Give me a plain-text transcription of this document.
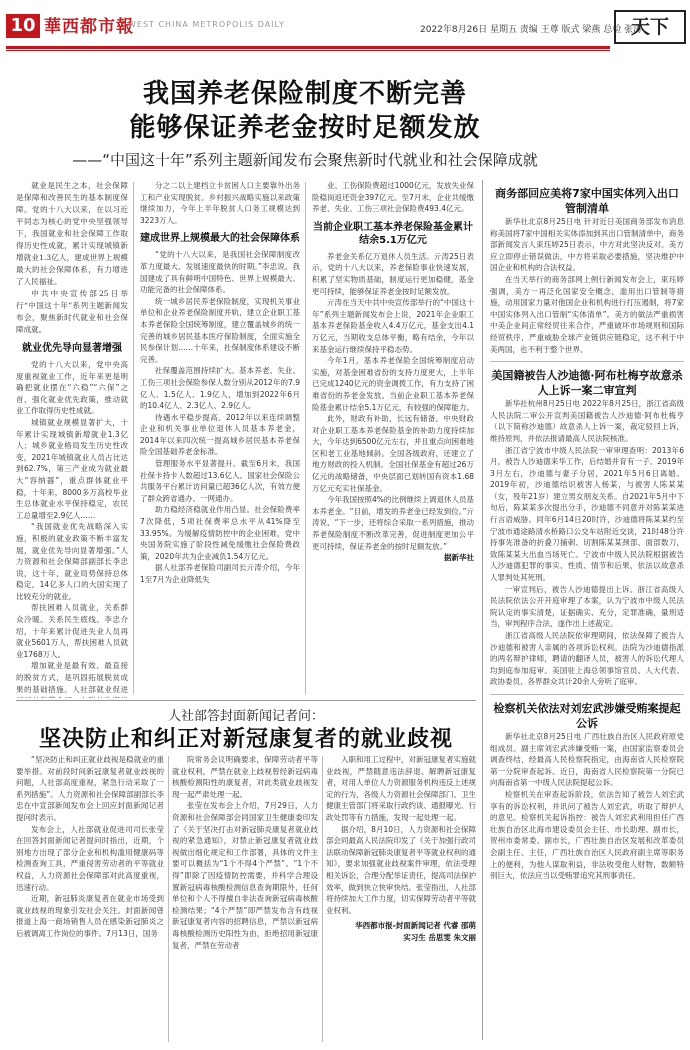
10 華西都市報
WEST CHINA METROPOLIS DAILY
2022年8月26日 星期五 责编 王尊 版式 梁燕 总检 张涛
天下
我国养老保险制度不断完善
能够保证养老金按时足额发放
——“中国这十年”系列主题新闻发布会聚焦新时代就业和社会保障成就

就业是民生之本，社会保障是保障和改善民生的基本制度保障。党的十八大以来，在以习近平同志为核心的党中央坚强领导下，我国就业和社会保障工作取得历史性成就，累计实现城镇新增就业1.3亿人，建成世界上规模最大的社会保障体系，有力增进了人民福祉。

中共中央宣传部25日举行“中国这十年”系列主题新闻发布会，聚焦新时代就业和社会保障成就。

就业优先导向显著增强

党的十八大以来，党中央高度重视就业工作，近年来更是明确把就业摆在“六稳”“六保”之首，强化就业优先政策，推动就业工作取得历史性成就。

城镇就业规模显著扩大，十年累计实现城镇新增就业1.3亿人；城乡就业格局发生历史性改变，2021年城镇就业人员占比达到62.7%，第三产业成为就业最大“容纳器”，重点群体就业平稳，十年来，8000多万高校毕业生总体就业水平保持稳定，农民工总量增至2.9亿人……

“我国就业优先战略深入实施，积极的就业政策不断丰富发展，就业优先导向显著增强。”人力资源和社会保障部副部长李忠说，这十年，就业局势保持总体稳定，14亿多人口的大国实现了比较充分的就业。

帮扶困难人员就业，关系群众冷暖。关系民生底线。李忠介绍，十年来累计促进失业人员再就业5601万人，帮扶困难人员就业1768万人。

增加就业是最有效、最直接的脱贫方式，是巩固拓展脱贫成果的基础措施。人社部就业促进

分之二以上建档立卡贫困人口主要靠外出务工和产业实现脱贫。乡村振兴战略实施以来政策继续加力，今年上半年脱贫人口务工规模达到3223万人。

建成世界上规模最大的社会保障体系

“党的十八大以来，是我国社会保障制度改革力度最大、发展速度最快的时期。”李忠说，我国建成了具有鲜明中国特色、世界上规模最大、功能完备的社会保障体系。

统一城乡居民养老保险制度，实现机关事业单位和企业养老保险制度并轨，建立企业职工基本养老保险全国统筹制度，建立覆盖城乡的统一完善的城乡居民基本医疗保险制度，全面实施全民参保计划……十年来，社保制度体系建设不断完善。

社保覆盖范围持续扩大。基本养老、失业、工伤三项社会保险参保人数分别从2012年的7.9亿人、1.5亿人、1.9亿人，增加到2022年6月的10.4亿人、2.3亿人、2.9亿人。

待遇水平稳步提高。2012年以来连续调整企业和机关事业单位退休人员基本养老金，2014年以来四次统一提高城乡居民基本养老保险全国基础养老金标准。

管理服务水平显著提升。截至6月末，我国社保卡持卡人数超过13.6亿人。国家社会保险公共服务平台累计访问量已超36亿人次，有效方便了群众跨省通办、一网通办。

助力稳经济稳就业作用凸显。社会保险费率7次降低，5项社保费率总水平从41%降至33.95%。为缓解疫情防控中的企业困难，党中央国务院实施了阶段性减免缓缴社会保险费政策，2020年共为企业减负1.54万亿元。

据人社部养老保险司副司长亓涛介绍，今年1至7月为企业降低失

业、工伤保险费超过1000亿元，发放失业保险稳岗返还资金397亿元。至7月末，企业共缓缴养老、失业、工伤三项社会保险费493.4亿元。

当前企业职工基本养老保险基金累计结余5.1万亿元

养老金关系亿万退休人员生活。亓涛25日表示，党的十八大以来，养老保险事业快速发展，积累了坚实物质基础，制度运行更加稳健，基金更可持续，能够保证养老金按时足额发放。

亓涛在当天中共中央宣传部举行的“中国这十年”系列主题新闻发布会上说，2021年企业职工基本养老保险基金收入4.4万亿元，基金支出4.1万亿元，当期收支总体平衡，略有结余，今年以来基金运行继续保持平稳态势。

今年1月，基本养老保险全国统筹制度启动实施，对基金困难省份的支持力度更大，上半年已完成1240亿元的资金调拨工作，有力支持了困难省份的养老金发放。当前企业职工基本养老保险基金累计结余5.1万亿元，有较强的保障能力。

此外，财政有补助，长远有储备。中央财政对企业职工基本养老保险基金的补助力度持续加大，今年达到6500亿元左右，并且重点向困难地区和老工业基地倾斜。全国各级政府，还建立了地方财政的投入机制。全国社保基金有超过26万亿元的战略储备，中央层面已划转国有资本1.68万亿元充实社保基金。

今年我国按照4%的比例继续上调退休人员基本养老金。“目前，增发的养老金已经发到位。”亓涛说，“下一步，还将综合采取一系列措施，推动养老保险制度不断改革完善，促进制度更加公平更可持续，保证养老金的按时足额发放。”

据新华社
商务部回应美将7家中国实体列入出口管制清单

新华社北京8月25日电 针对近日美国商务部发布消息称美国将7家中国相关实体添加到其出口管制清单中，商务部新闻发言人束珏婷25日表示，中方对此坚决反对。美方应立即停止错误做法，中方将采取必要措施，坚决维护中国企业和机构的合法权益。

在当天举行的商务部网上例行新闻发布会上，束珏婷强调，美方一再泛化国家安全概念，滥用出口管制等措施，动用国家力量对他国企业和机构进行打压遏制，将7家中国实体列入出口管制“实体清单”。美方的做法严重损害中美企业间正常经贸往来合作，严重破坏市场规则和国际经贸秩序，严重威胁全球产业链供应链稳定，这不利于中美两国，也不利于整个世界。

美国籍被告人沙迪德·阿布杜梅亨故意杀人上诉一案二审宣判

新华社杭州8月25日电 2022年8月25日，浙江省高级人民法院二审公开宣判美国籍被告人沙迪德·阿布杜梅亨（以下简称沙迪德）故意杀人上诉一案，裁定驳回上诉，维持原判，并依法报请最高人民法院核准。

浙江省宁波市中级人民法院一审审理查明：2013年6月，被告人沙迪德来华工作，后结婚并育有一子。2019年3月左右，沙迪德与妻子分居，2021年5月6日离婚。2019年初，沙迪德结识被害人杨某，与被害人陈某某（女，殁年21岁）建立男女朋友关系。自2021年5月中下旬后，陈某某多次提出分手，沙迪德不同意并对陈某某进行言语威胁。同年6月14日20时许，沙迪德将陈某某约至宁波市通途路清水桥路口公交车站附近交谈，21时48分许持事先准备的折叠刀捅刺、切割陈某某颈部、面部数刀，致陈某某大出血当场死亡。宁波市中级人民法院根据被告人沙迪德犯罪的事实、性质、情节和后果，依法以故意杀人罪判处其死刑。

一审宣判后，被告人沙迪德提出上诉。浙江省高级人民法院依法公开开庭审理了本案，认为宁波市中级人民法院认定的事实清楚，证据确实、充分，定罪准确，量刑适当，审判程序合法，遂作出上述裁定。

浙江省高级人民法院依审理期间，依法保障了被告人沙迪德和被害人亲属的各项诉讼权利。法院为沙迪德指派的两名辩护律师，聘请的翻译人员，被害人的诉讼代理人均到庭参加庭审。美国驻上海总领事馆官员、人大代表、政协委员、各界群众共计20余人旁听了庭审。

检察机关依法对刘宏武涉嫌受贿案提起公诉

新华社北京8月25日电 广西壮族自治区人民政府原党组成员、副主席刘宏武涉嫌受贿一案，由国家监察委员会调查终结，经最高人民检察院指定，由海南省人民检察院第一分院审查起诉。近日，海南省人民检察院第一分院已向海南省第一中级人民法院提起公诉。

检察机关在审查起诉阶段，依法告知了被告人刘宏武享有的诉讼权利，并讯问了被告人刘宏武，听取了辩护人的意见。检察机关起诉指控：被告人刘宏武利用担任广西壮族自治区北海市建设委员会主任、市长助理、副市长，贺州市委常委、副市长，广西壮族自治区发展和改革委员会副主任、主任，广西壮族自治区人民政府副主席等职务上的便利，为他人谋取利益，非法收受他人财物，数额特别巨大，依法应当以受贿罪追究其刑事责任。

人社部答封面新闻记者问：
坚决防止和纠正对新冠康复者的就业歧视

“坚决防止和纠正就业歧视是稳就业的重要举措。对前段时间新冠康复者就业歧视的问题，人社部高度重视，紧急行动采取了一系列措施”。人力资源和社会保障部副部长李忠在中宣部新闻发布会上回应封面新闻记者提问时表示。

发布会上，人社部就业促进司司长张莹在回答封面新闻记者提问时指出，近期，个别地方出现了部分企业和机构滥用健康码等检测查询工具，严重侵害劳动者的平等就业权益，人力资源社会保障部对此高度重视，迅速行动。

近期，新冠肺炎康复者在就业市场受到就业歧视的现象引发社会关注。封面新闻曾报道上海一商场销售人员在感染新冠肺炎之后被调离工作岗位的事件。7月13日，国务

院常务会议明确要求，保障劳动者平等就业权利，严禁在就业上歧视曾经新冠病毒核酸检测阳性的康复者，对此类就业歧视发现一起严肃处理一起。

张莹在发布会上介绍，7月29日，人力资源和社会保障部会同国家卫生健康委印发了《关于坚决打击对新冠肺炎康复者就业歧视的紧急通知》，对禁止新冠康复者就业歧视做出细化规定和工作部署，具体的文件主要可以概括为“1个不得4个严禁”。“1个不得”即除了因疫情防控需要，并科学合理设置新冠病毒核酸检测信息查询期限外，任何单位和个人不得擅自非法查询新冠病毒核酸检测结果；“4个严禁”即严禁发布含有歧视新冠康复者内容的招聘信息，严禁以新冠病毒核酸检测历史阳性为由，拒绝招用新冠康复者，严禁在劳动者

入职和用工过程中，对新冠康复者实施就业歧视，严禁随意违法辞退、解聘新冠康复者，对用人单位人力资源服务机构违反上述规定的行为，各级人力资源社会保障部门、卫生健康主管部门将采取行政约谈、通报曝光、行政处罚等有力措施，发现一起处理一起。

据介绍，8月10日，人力资源和社会保障部会同最高人民法院印发了《关于加强行政司法联动保障新冠肺炎康复者平等就业权利的通知》，要求加强就业歧视案件审理，依法受理相关诉讼，合理分配举证责任，提高司法保护效率，做到快立快审快结。张莹指出，人社部将持续加大工作力度，切实保障劳动者平等就业权利。

华西都市报-封面新闻记者 代睿 邵萌
实习生 岳思雯 朱文丽
